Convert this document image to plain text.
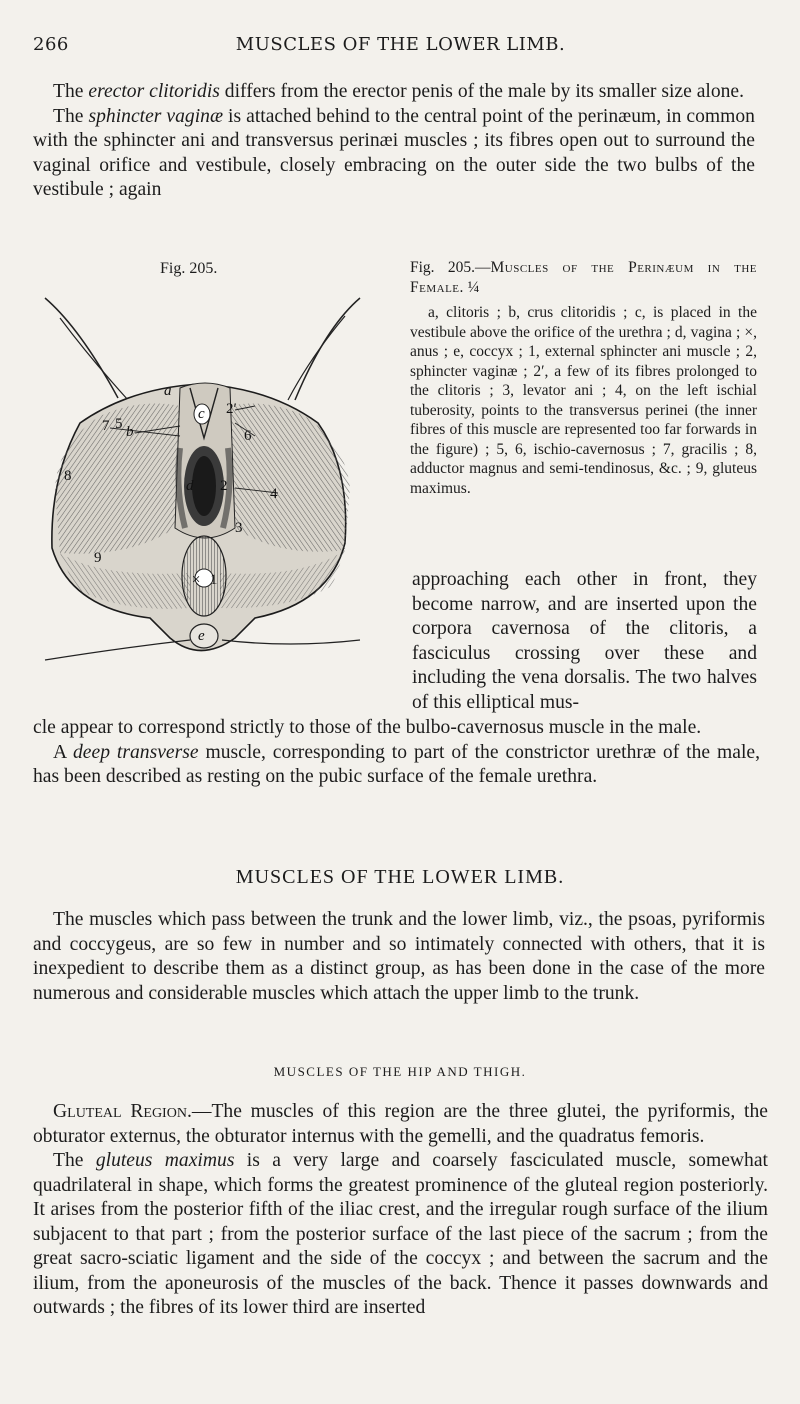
266	MUSCLES OF THE LOWER LIMB.

The erector clitoridis differs from the erector penis of the male by its smaller size alone.

The sphincter vaginæ is attached behind to the central point of the perinæum, in common with the sphincter ani and transversus perinæi muscles ; its fibres open out to surround the vaginal orifice and vestibule, closely embracing on the outer side the two bulbs of the vestibule ; again

Fig. 205.
a
b
c
d
e
× 1
2
2′
3
4
5
6
7
8
9
Fig. 205.—Muscles of the Perinæum in the Female. ¼
a, clitoris ; b, crus clitoridis ; c, is placed in the vestibule above the orifice of the urethra ; d, vagina ; ×, anus ; e, coccyx ; 1, external sphincter ani muscle ; 2, sphincter vaginæ ; 2′, a few of its fibres prolonged to the clitoris ; 3, levator ani ; 4, on the left ischial tuberosity, points to the transversus perinei (the inner fibres of this muscle are represented too far forwards in the figure) ; 5, 6, ischio-cavernosus ; 7, gracilis ; 8, adductor magnus and semi-tendinosus, &c. ; 9, gluteus maximus.

approaching each other in front, they become narrow, and are inserted upon the corpora cavernosa of the clitoris, a fasciculus crossing over these and including the vena dorsalis. The two halves of this elliptical mus-

cle appear to correspond strictly to those of the bulbo-cavernosus muscle in the male.

A deep transverse muscle, corresponding to part of the constrictor urethræ of the male, has been described as resting on the pubic surface of the female urethra.

MUSCLES OF THE LOWER LIMB.

The muscles which pass between the trunk and the lower limb, viz., the psoas, pyriformis and coccygeus, are so few in number and so intimately connected with others, that it is inexpedient to describe them as a distinct group, as has been done in the case of the more numerous and considerable muscles which attach the upper limb to the trunk.

MUSCLES OF THE HIP AND THIGH.

Gluteal Region.—The muscles of this region are the three glutei, the pyriformis, the obturator externus, the obturator internus with the gemelli, and the quadratus femoris.

The gluteus maximus is a very large and coarsely fasciculated muscle, somewhat quadrilateral in shape, which forms the greatest prominence of the gluteal region posteriorly. It arises from the posterior fifth of the iliac crest, and the irregular rough surface of the ilium subjacent to that part ; from the posterior surface of the last piece of the sacrum ; from the great sacro-sciatic ligament and the side of the coccyx ; and between the sacrum and the ilium, from the aponeurosis of the muscles of the back. Thence it passes downwards and outwards ; the fibres of its lower third are inserted
